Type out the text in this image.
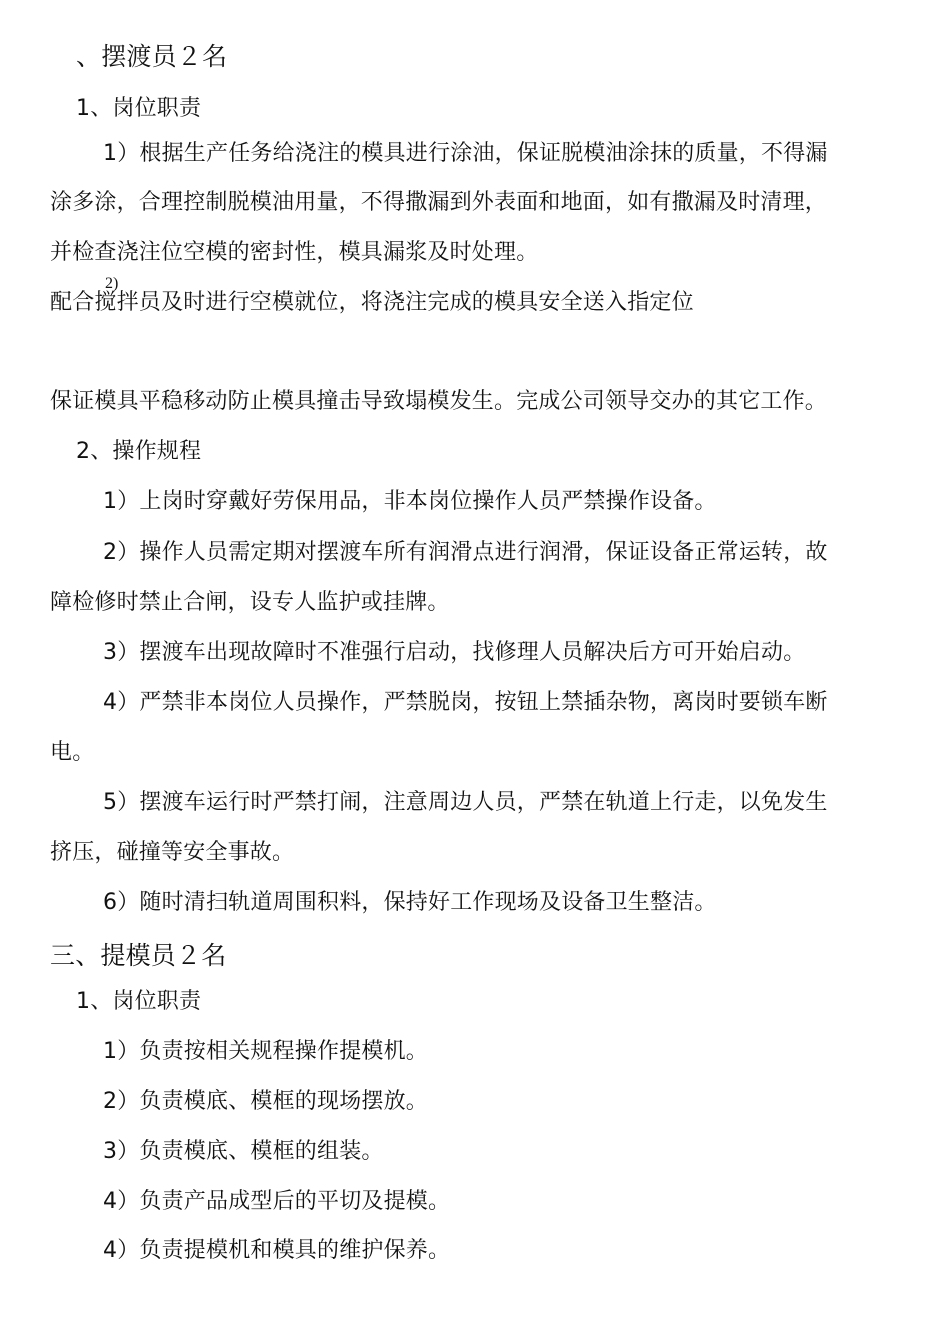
、摆渡员２名
1、岗位职责
1）根据生产任务给浇注的模具进行涂油，保证脱模油涂抹的质量，不得漏
涂多涂，合理控制脱模油用量，不得撒漏到外表面和地面，如有撒漏及时清理，
并检查浇注位空模的密封性，模具漏浆及时处理。
2)
配合搅拌员及时进行空模就位，将浇注完成的模具安全送入指定位
保证模具平稳移动防止模具撞击导致塌模发生。完成公司领导交办的其它工作。
2、操作规程
1）上岗时穿戴好劳保用品，非本岗位操作人员严禁操作设备。
2）操作人员需定期对摆渡车所有润滑点进行润滑，保证设备正常运转，故
障检修时禁止合闸，设专人监护或挂牌。
3）摆渡车出现故障时不准强行启动，找修理人员解决后方可开始启动。
4）严禁非本岗位人员操作，严禁脱岗，按钮上禁插杂物，离岗时要锁车断
电。
5）摆渡车运行时严禁打闹，注意周边人员，严禁在轨道上行走，以免发生
挤压，碰撞等安全事故。
6）随时清扫轨道周围积料，保持好工作现场及设备卫生整洁。
三、提模员２名
1、岗位职责
1）负责按相关规程操作提模机。
2）负责模底、模框的现场摆放。
3）负责模底、模框的组装。
4）负责产品成型后的平切及提模。
4）负责提模机和模具的维护保养。
